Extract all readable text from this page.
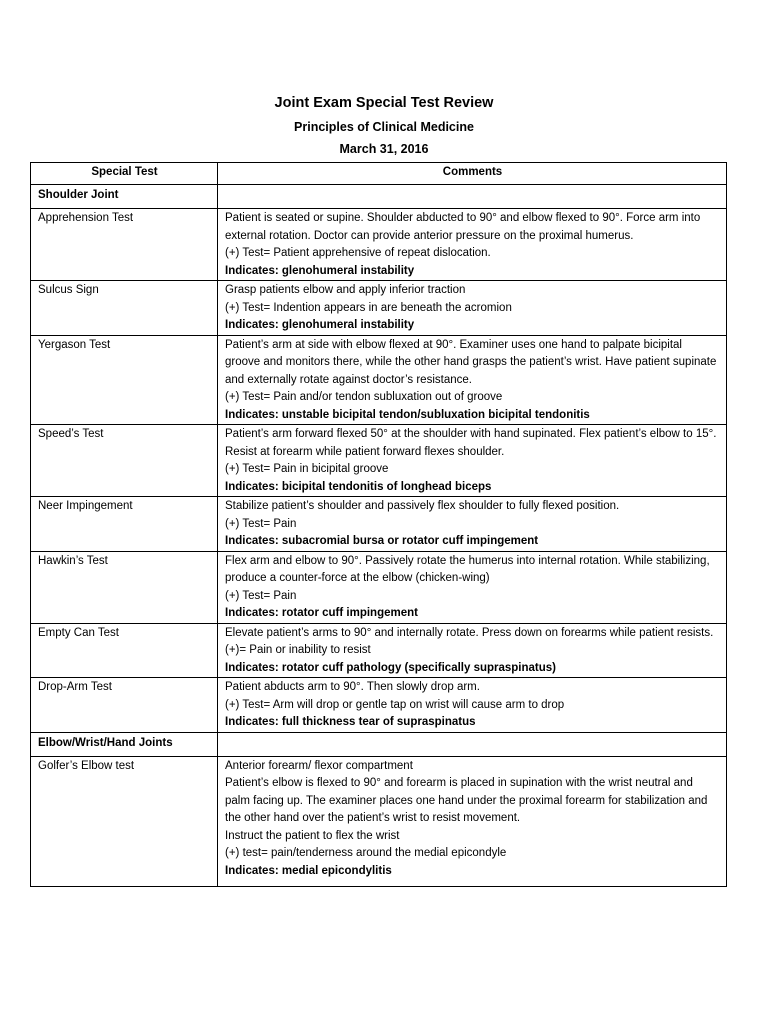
Joint Exam Special Test Review
Principles of Clinical Medicine
March 31, 2016
Special Test	Comments
Shoulder Joint	
Apprehension Test	Patient is seated or supine. Shoulder abducted to 90° and elbow flexed to 90°. Force arm into external rotation. Doctor can provide anterior pressure on the proximal humerus.
(+) Test= Patient apprehensive of repeat dislocation.
Indicates: glenohumeral instability

Sulcus Sign	Grasp patients elbow and apply inferior traction
(+) Test= Indention appears in are beneath the acromion
Indicates: glenohumeral instability

Yergason Test	Patient’s arm at side with elbow flexed at 90°. Examiner uses one hand to palpate bicipital groove and monitors there, while the other hand grasps the patient’s wrist. Have patient supinate and externally rotate against doctor’s resistance.
(+) Test= Pain and/or tendon subluxation out of groove
Indicates: unstable bicipital tendon/subluxation bicipital tendonitis

Speed’s Test	Patient’s arm forward flexed 50° at the shoulder with hand supinated. Flex patient’s elbow to 15°. Resist at forearm while patient forward flexes shoulder.
(+) Test= Pain in bicipital groove
Indicates: bicipital tendonitis of longhead biceps

Neer Impingement	Stabilize patient’s shoulder and passively flex shoulder to fully flexed position.
(+) Test= Pain
Indicates: subacromial bursa or rotator cuff impingement

Hawkin’s Test	Flex arm and elbow to 90°. Passively rotate the humerus into internal rotation. While stabilizing, produce a counter-force at the elbow (chicken-wing)
(+) Test= Pain
Indicates: rotator cuff impingement

Empty Can Test	Elevate patient’s arms to 90° and internally rotate. Press down on forearms while patient resists.
(+)= Pain or inability to resist
Indicates: rotator cuff pathology (specifically supraspinatus)

Drop-Arm Test	Patient abducts arm to 90°. Then slowly drop arm.
(+) Test= Arm will drop or gentle tap on wrist will cause arm to drop
Indicates: full thickness tear of supraspinatus

Elbow/Wrist/Hand Joints	
Golfer’s Elbow test	Anterior forearm/ flexor compartment
Patient’s elbow is flexed to 90° and forearm is placed in supination with the wrist neutral and palm facing up. The examiner places one hand under the proximal forearm for stabilization and the other hand over the patient’s wrist to resist movement.
Instruct the patient to flex the wrist
(+) test= pain/tenderness around the medial epicondyle
Indicates: medial epicondylitis
